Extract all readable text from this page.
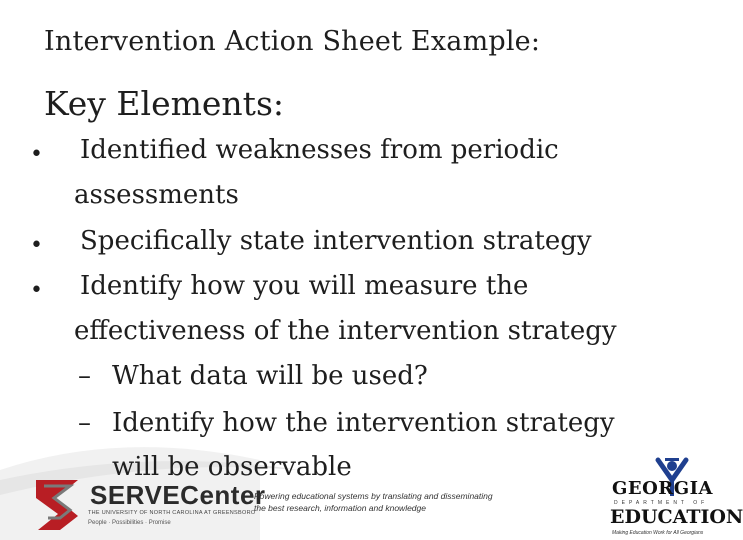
Intervention Action Sheet Example:
Key Elements:
• Identified weaknesses from periodic
assessments
• Specifically state intervention strategy
• Identify how you will measure the
effectiveness of the intervention strategy
– What data will be used?
– Identify how the intervention strategy
will be observable
SERVECenter
THE UNIVERSITY OF NORTH CAROLINA AT GREENSBORO
People · Possibilities · Promise
Powering educational systems by translating and disseminating
the best research, information and knowledge
GEORGIA
DEPARTMENT OF
EDUCATION
Making Education Work for All Georgians
